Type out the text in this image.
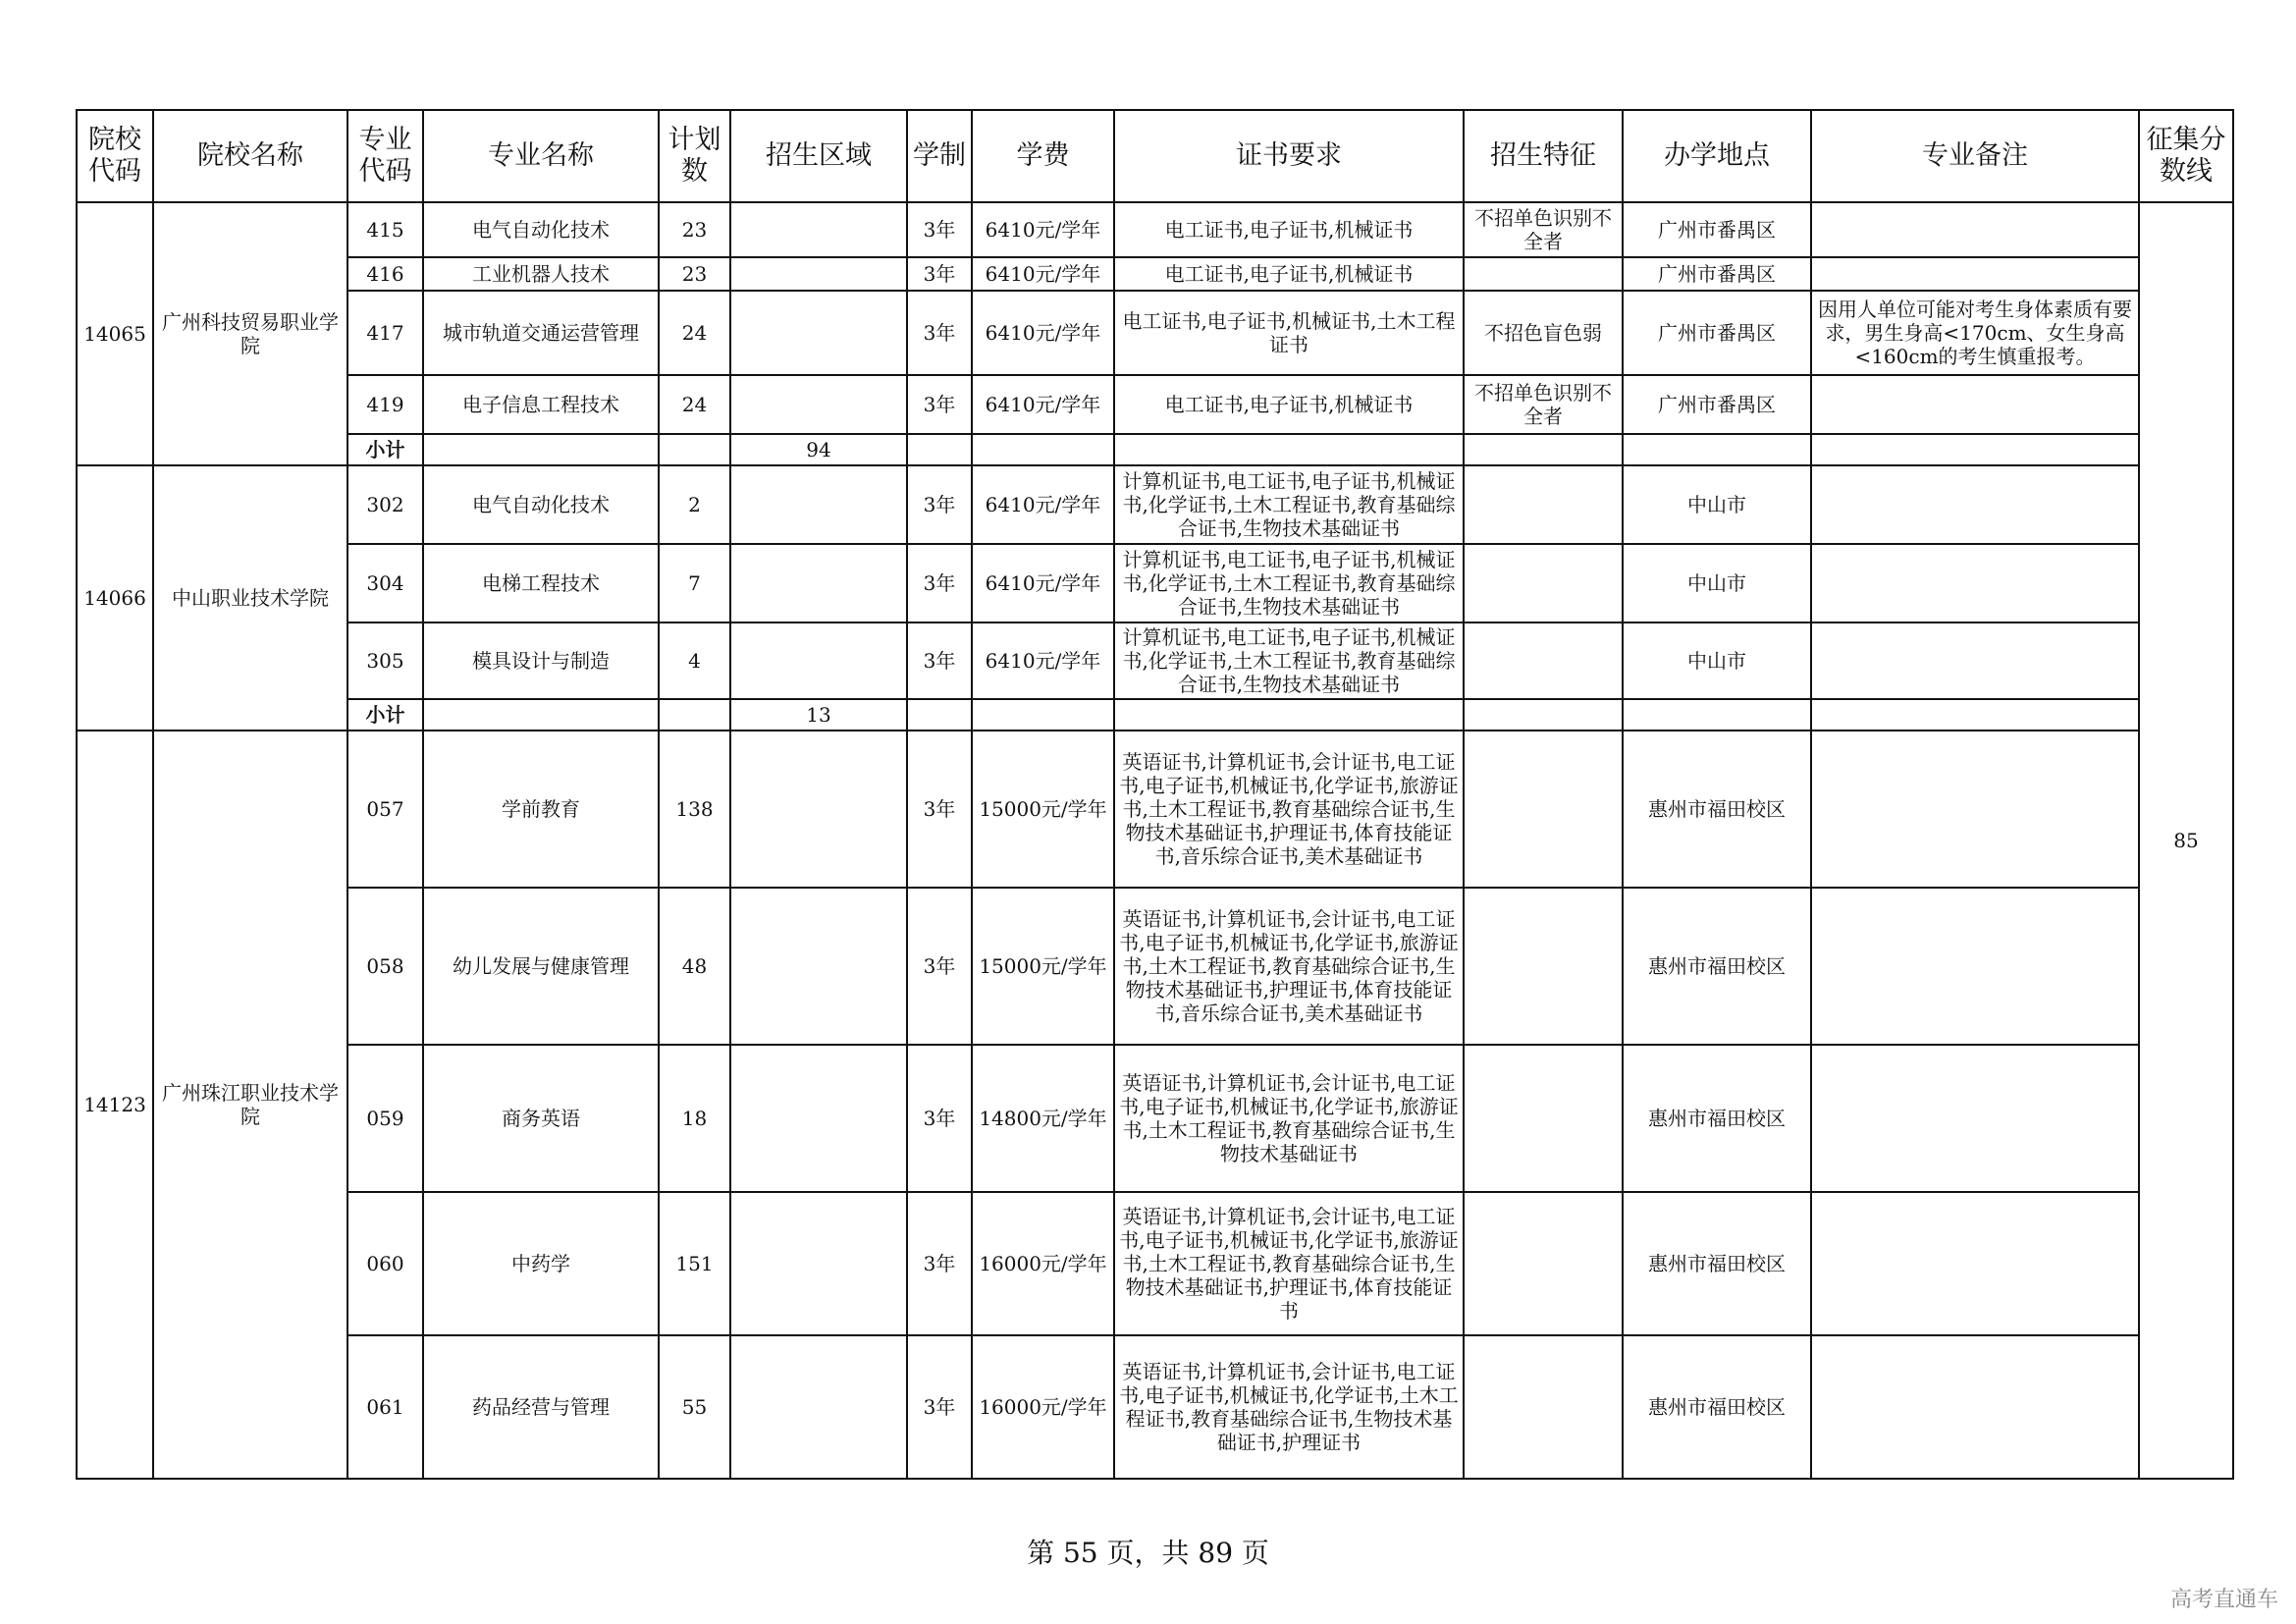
院校代码	院校名称	专业代码	专业名称	计划数	招生区域	学制	学费	证书要求	招生特征	办学地点	专业备注	征集分数线	
14065	广州科技贸易职业学院	415	电气自动化技术	23		3年	6410元/学年	电工证书,电子证书,机械证书	不招单色识别不全者	广州市番禺区		85	
		416	工业机器人技术	23		3年	6410元/学年	电工证书,电子证书,机械证书		广州市番禺区			
		417	城市轨道交通运营管理	24		3年	6410元/学年	电工证书,电子证书,机械证书,土木工程证书	不招色盲色弱	广州市番禺区	因用人单位可能对考生身体素质有要求，男生身高<170cm、女生身高<160cm的考生慎重报考。		
		419	电子信息工程技术	24		3年	6410元/学年	电工证书,电子证书,机械证书	不招单色识别不全者	广州市番禺区			
		小计			94								
14066	中山职业技术学院	302	电气自动化技术	2		3年	6410元/学年	计算机证书,电工证书,电子证书,机械证书,化学证书,土木工程证书,教育基础综合证书,生物技术基础证书		中山市			
		304	电梯工程技术	7		3年	6410元/学年	计算机证书,电工证书,电子证书,机械证书,化学证书,土木工程证书,教育基础综合证书,生物技术基础证书		中山市			
		305	模具设计与制造	4		3年	6410元/学年	计算机证书,电工证书,电子证书,机械证书,化学证书,土木工程证书,教育基础综合证书,生物技术基础证书		中山市			
		小计			13								
14123	广州珠江职业技术学院	057	学前教育	138		3年	15000元/学年	英语证书,计算机证书,会计证书,电工证书,电子证书,机械证书,化学证书,旅游证书,土木工程证书,教育基础综合证书,生物技术基础证书,护理证书,体育技能证书,音乐综合证书,美术基础证书		惠州市福田校区			
		058	幼儿发展与健康管理	48		3年	15000元/学年	英语证书,计算机证书,会计证书,电工证书,电子证书,机械证书,化学证书,旅游证书,土木工程证书,教育基础综合证书,生物技术基础证书,护理证书,体育技能证书,音乐综合证书,美术基础证书		惠州市福田校区			
		059	商务英语	18		3年	14800元/学年	英语证书,计算机证书,会计证书,电工证书,电子证书,机械证书,化学证书,旅游证书,土木工程证书,教育基础综合证书,生物技术基础证书		惠州市福田校区			
		060	中药学	151		3年	16000元/学年	英语证书,计算机证书,会计证书,电工证书,电子证书,机械证书,化学证书,旅游证书,土木工程证书,教育基础综合证书,生物技术基础证书,护理证书,体育技能证书		惠州市福田校区			
		061	药品经营与管理	55		3年	16000元/学年	英语证书,计算机证书,会计证书,电工证书,电子证书,机械证书,化学证书,土木工程证书,教育基础综合证书,生物技术基础证书,护理证书		惠州市福田校区			
第 55 页，共 89 页
高考直通车
